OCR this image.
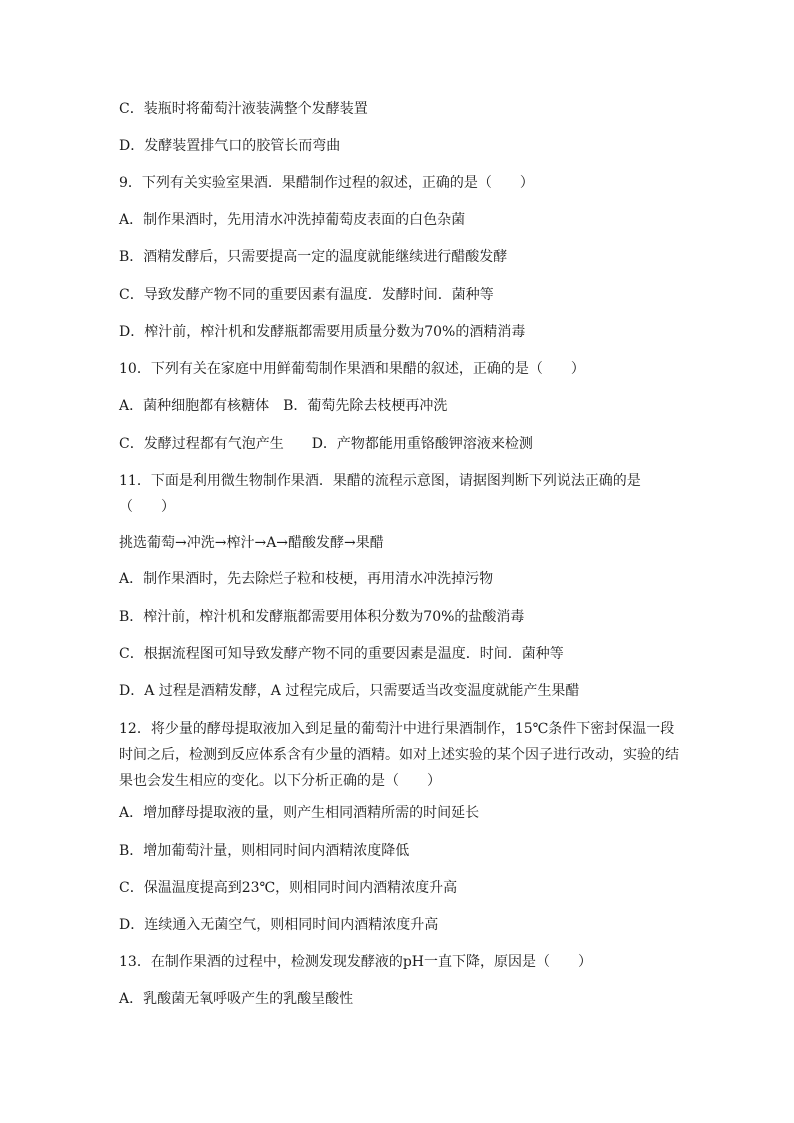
C．装瓶时将葡萄汁液装满整个发酵装置
D．发酵装置排气口的胶管长而弯曲
9．下列有关实验室果酒．果醋制作过程的叙述，正确的是（　　）
A．制作果酒时，先用清水冲洗掉葡萄皮表面的白色杂菌
B．酒精发酵后，只需要提高一定的温度就能继续进行醋酸发酵
C．导致发酵产物不同的重要因素有温度．发酵时间．菌种等
D．榨汁前，榨汁机和发酵瓶都需要用质量分数为70%的酒精消毒
10．下列有关在家庭中用鲜葡萄制作果酒和果醋的叙述，正确的是（　　）
A．菌种细胞都有核糖体　B．葡萄先除去枝梗再冲洗
C．发酵过程都有气泡产生　　D．产物都能用重铬酸钾溶液来检测
11．下面是利用微生物制作果酒．果醋的流程示意图，请据图判断下列说法正确的是（　　）
挑选葡萄→冲洗→榨汁→A→醋酸发酵→果醋
A．制作果酒时，先去除烂子粒和枝梗，再用清水冲洗掉污物
B．榨汁前，榨汁机和发酵瓶都需要用体积分数为70%的盐酸消毒
C．根据流程图可知导致发酵产物不同的重要因素是温度．时间．菌种等
D．A 过程是酒精发酵，A 过程完成后，只需要适当改变温度就能产生果醋
12．将少量的酵母提取液加入到足量的葡萄汁中进行果酒制作，15℃条件下密封保温一段时间之后，检测到反应体系含有少量的酒精。如对上述实验的某个因子进行改动，实验的结果也会发生相应的变化。以下分析正确的是（　　）
A．增加酵母提取液的量，则产生相同酒精所需的时间延长
B．增加葡萄汁量，则相同时间内酒精浓度降低
C．保温温度提高到23℃，则相同时间内酒精浓度升高
D．连续通入无菌空气，则相同时间内酒精浓度升高
13．在制作果酒的过程中，检测发现发酵液的pH一直下降，原因是（　　）
A．乳酸菌无氧呼吸产生的乳酸呈酸性
